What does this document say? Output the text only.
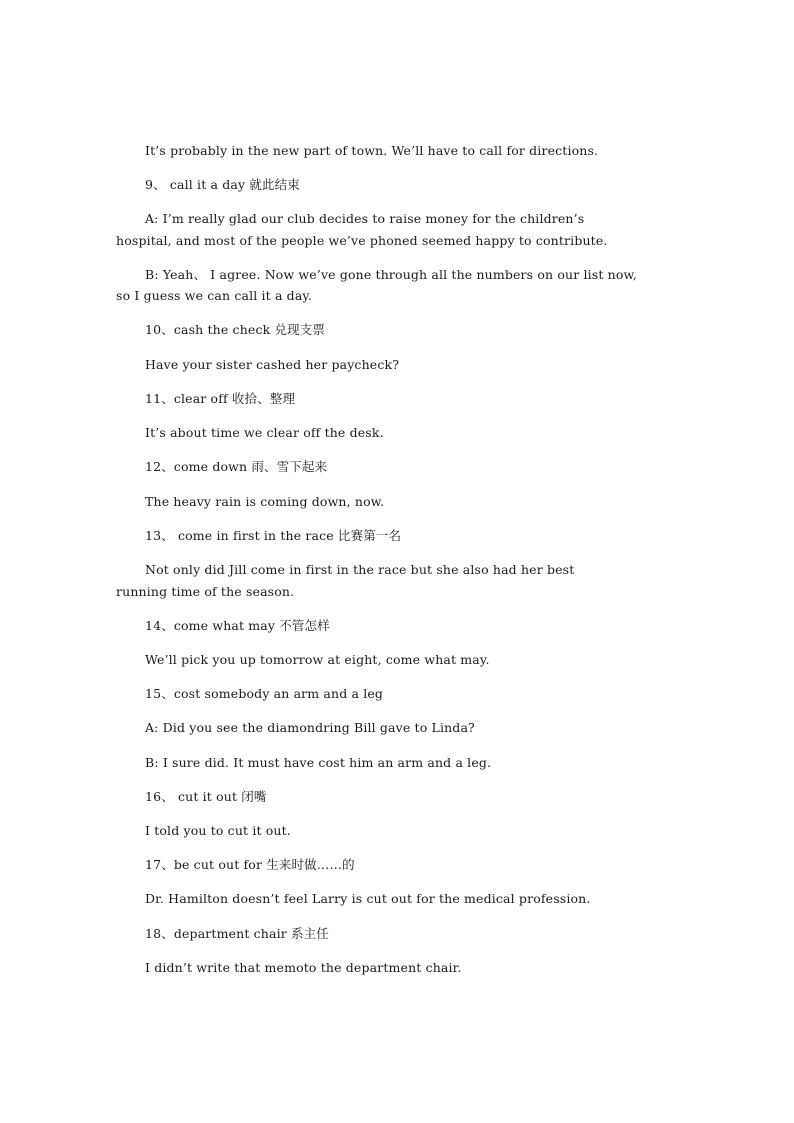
It’s probably in the new part of town. We’ll have to call for directions.
9、 call it a day 就此结束
A: I’m really glad our club decides to raise money for the children’s
hospital, and most of the people we’ve phoned seemed happy to contribute.
B: Yeah、 I agree. Now we’ve gone through all the numbers on our list now,
so I guess we can call it a day.
10、cash the check 兑现支票
Have your sister cashed her paycheck?
11、clear off 收拾、整理
It’s about time we clear off the desk.
12、come down 雨、雪下起来
The heavy rain is coming down, now.
13、 come in first in the race 比赛第一名
Not only did Jill come in first in the race but she also had her best
running time of the season.
14、come what may 不管怎样
We’ll pick you up tomorrow at eight, come what may.
15、cost somebody an arm and a leg
A: Did you see the diamondring Bill gave to Linda?
B: I sure did. It must have cost him an arm and a leg.
16、 cut it out 闭嘴
I told you to cut it out.
17、be cut out for 生来时做……的
Dr. Hamilton doesn’t feel Larry is cut out for the medical profession.
18、department chair 系主任
I didn’t write that memoto the department chair.
